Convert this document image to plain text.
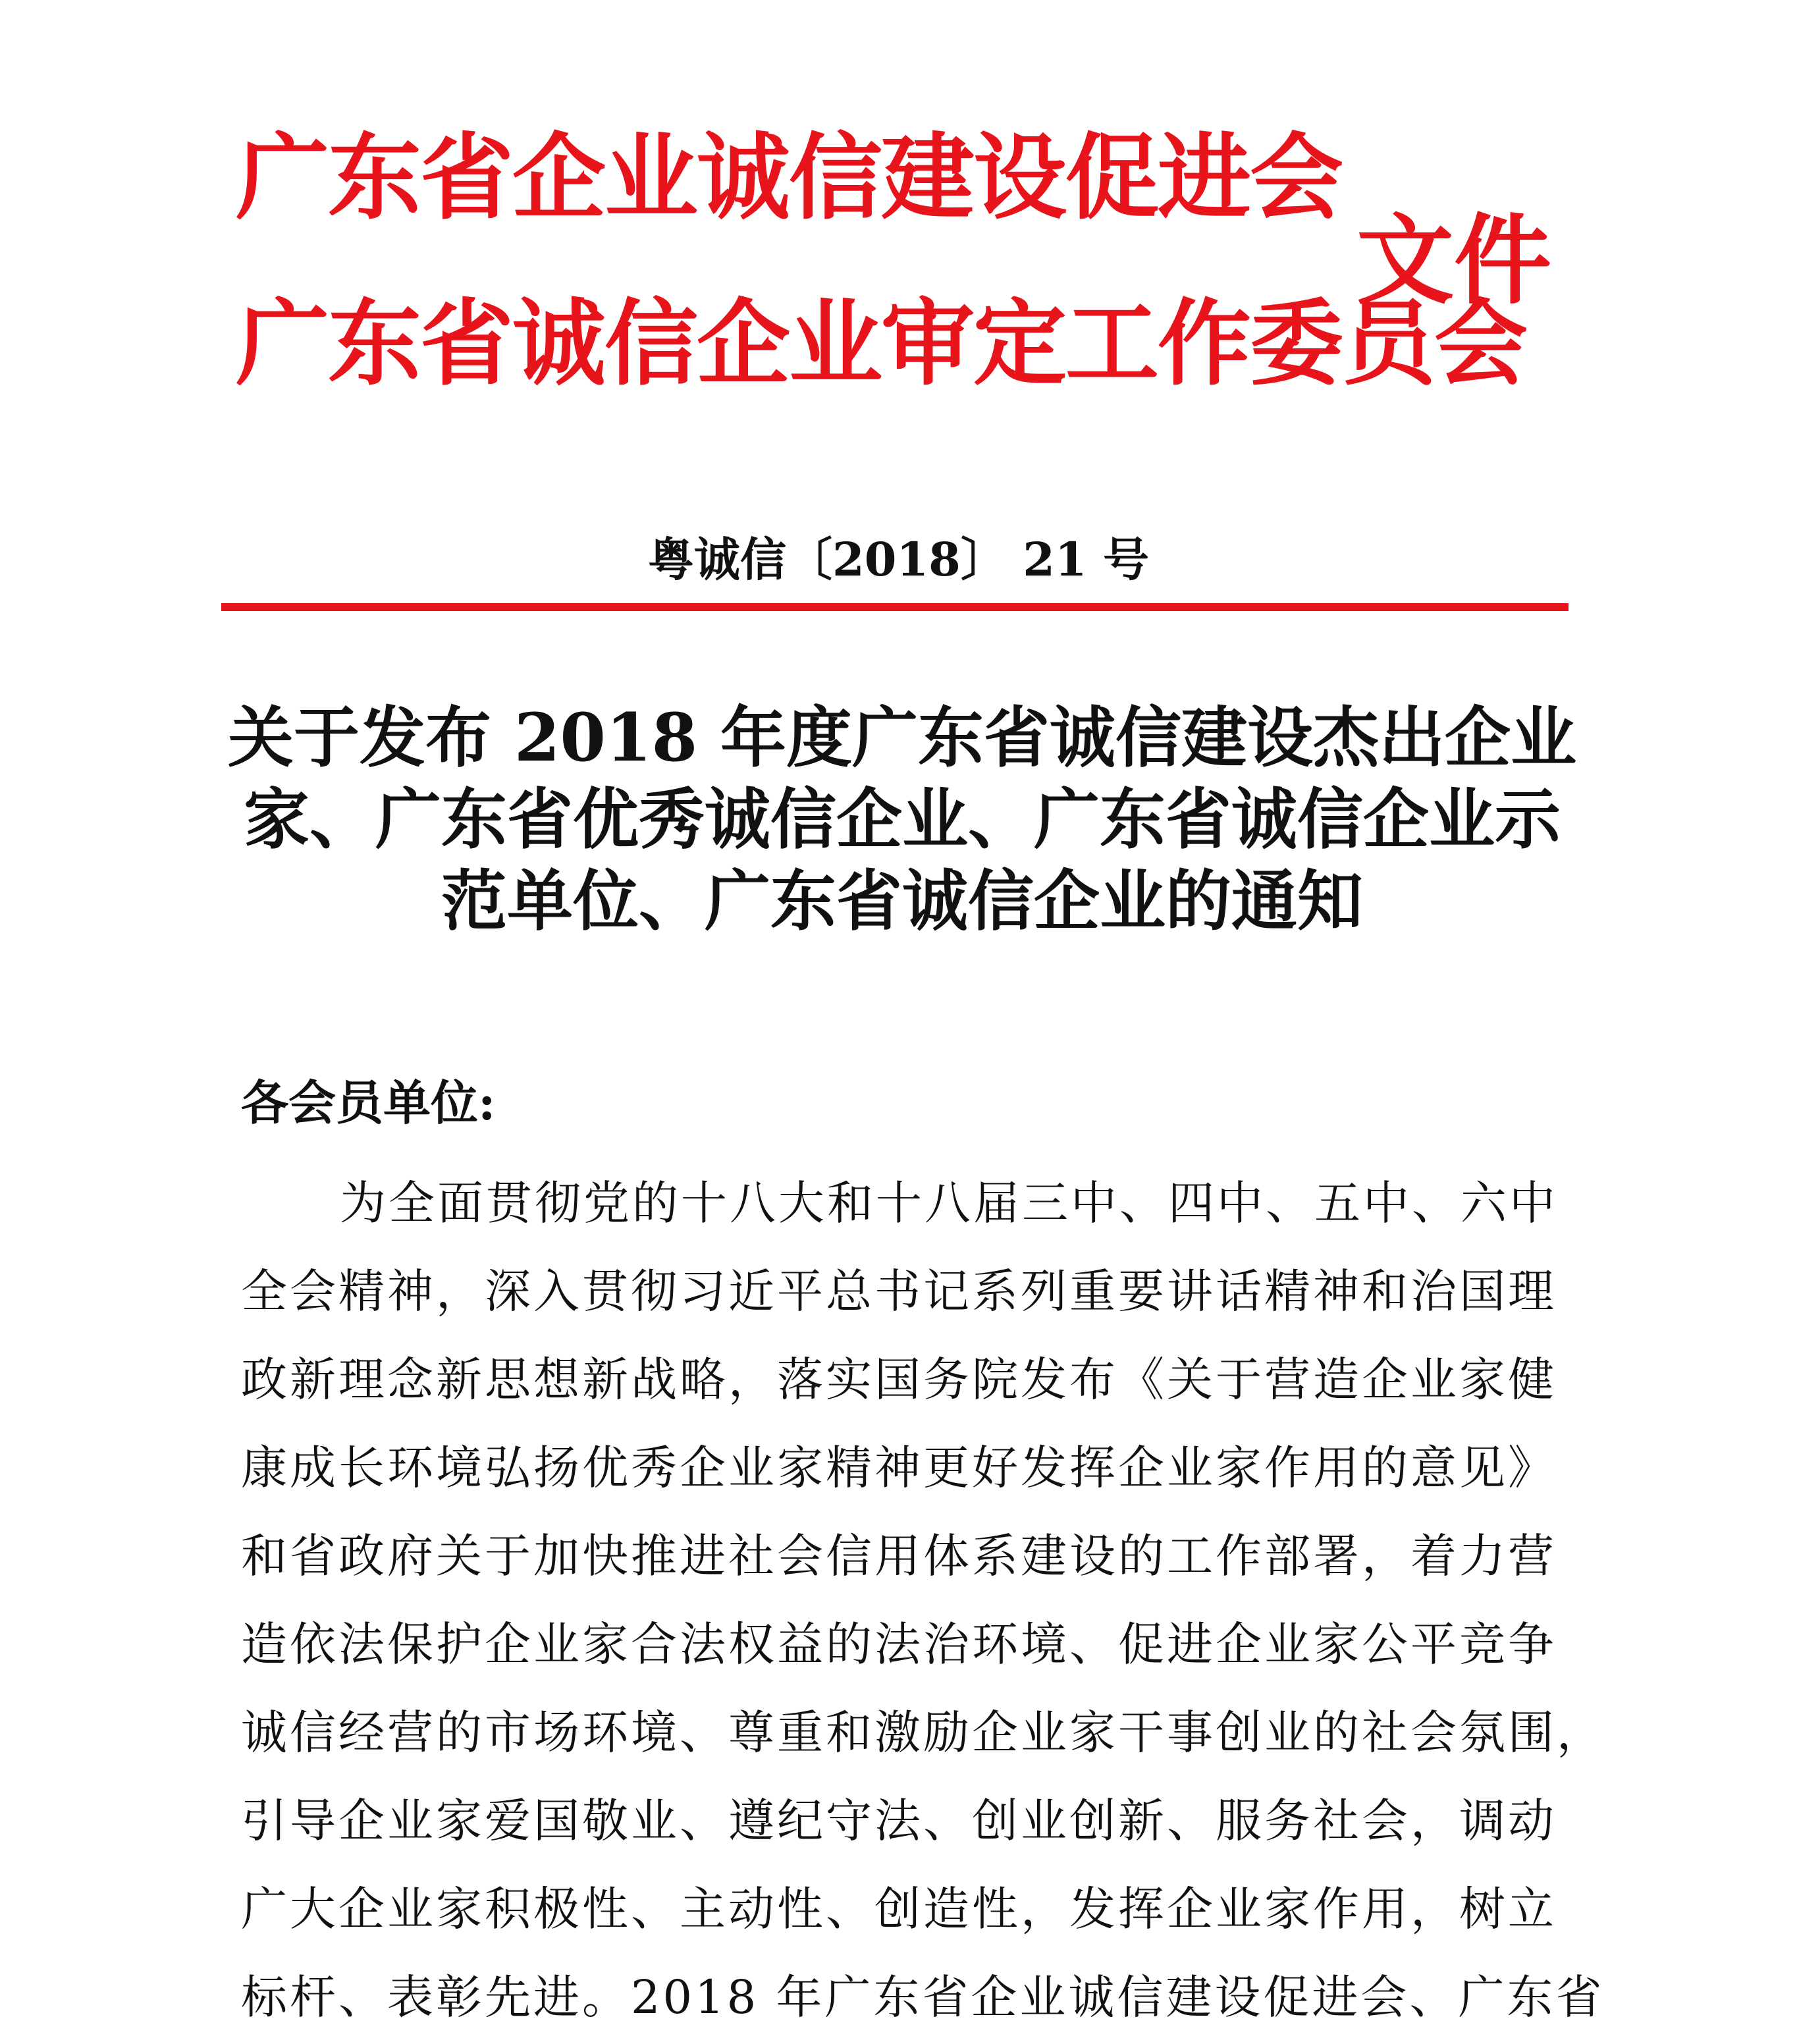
广东省企业诚信建设促进会
广东省诚信企业审定工作委员会
文件
粤诚信〔2018〕 21 号
关于发布 2018 年度广东省诚信建设杰出企业
家、广东省优秀诚信企业、广东省诚信企业示
范单位、广东省诚信企业的通知
各会员单位:
为全面贯彻党的十八大和十八届三中、四中、五中、六中
全会精神，深入贯彻习近平总书记系列重要讲话精神和治国理
政新理念新思想新战略，落实国务院发布《关于营造企业家健
康成长环境弘扬优秀企业家精神更好发挥企业家作用的意见》
和省政府关于加快推进社会信用体系建设的工作部署，着力营
造依法保护企业家合法权益的法治环境、促进企业家公平竞争
诚信经营的市场环境、尊重和激励企业家干事创业的社会氛围，
引导企业家爱国敬业、遵纪守法、创业创新、服务社会，调动
广大企业家积极性、主动性、创造性，发挥企业家作用，树立
标杆、表彰先进。2018 年广东省企业诚信建设促进会、广东省
